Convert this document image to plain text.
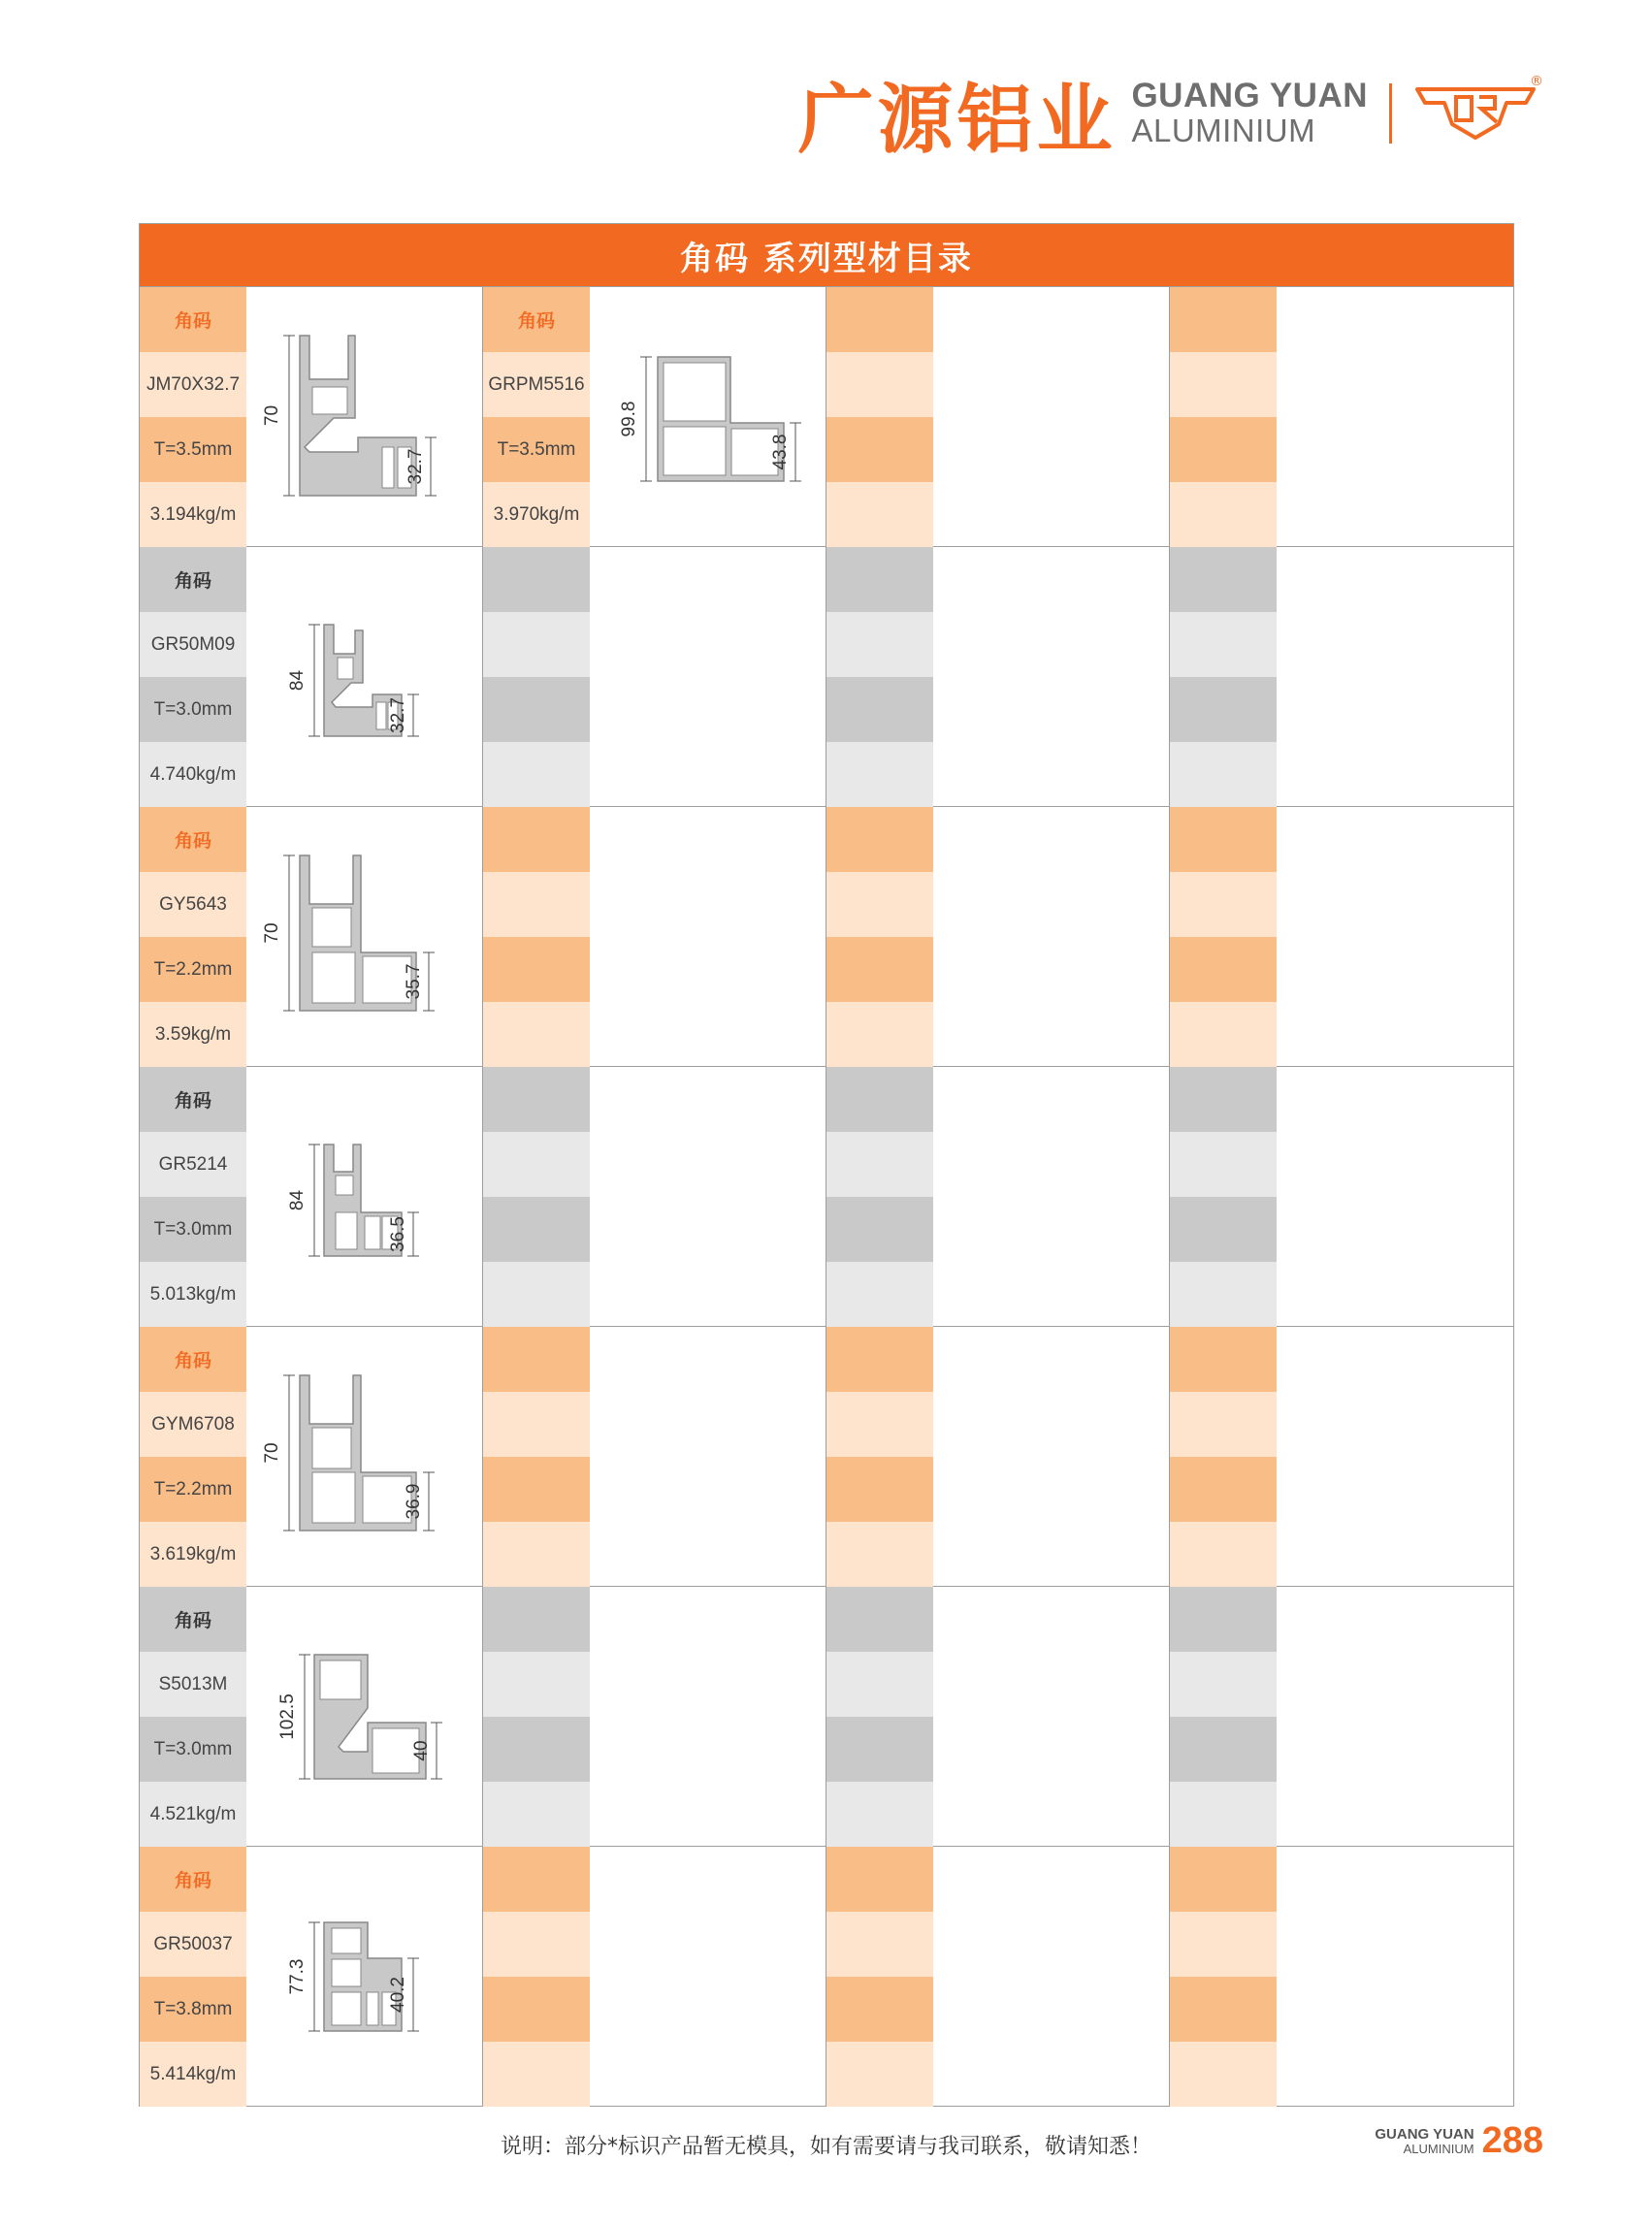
广源铝业 GUANG YUAN
ALUMINIUM
®
角码 系列型材目录
角码
JM70X32.7
T=3.5mm
3.194kg/m
70
32.7
角码
GRPM5516
T=3.5mm
3.970kg/m
99.8
43.8
角码
GR50M09
T=3.0mm
4.740kg/m
84
32.7
角码
GY5643
T=2.2mm
3.59kg/m
70
35.7
角码
GR5214
T=3.0mm
5.013kg/m
84
36.5
角码
GYM6708
T=2.2mm
3.619kg/m
70
36.9
角码
S5013M
T=3.0mm
4.521kg/m
102.5
40
角码
GR50037
T=3.8mm
5.414kg/m
77.3
40.2
说明：部分*标识产品暂无模具，如有需要请与我司联系，敬请知悉！
GUANG YUAN
ALUMINIUM 288
